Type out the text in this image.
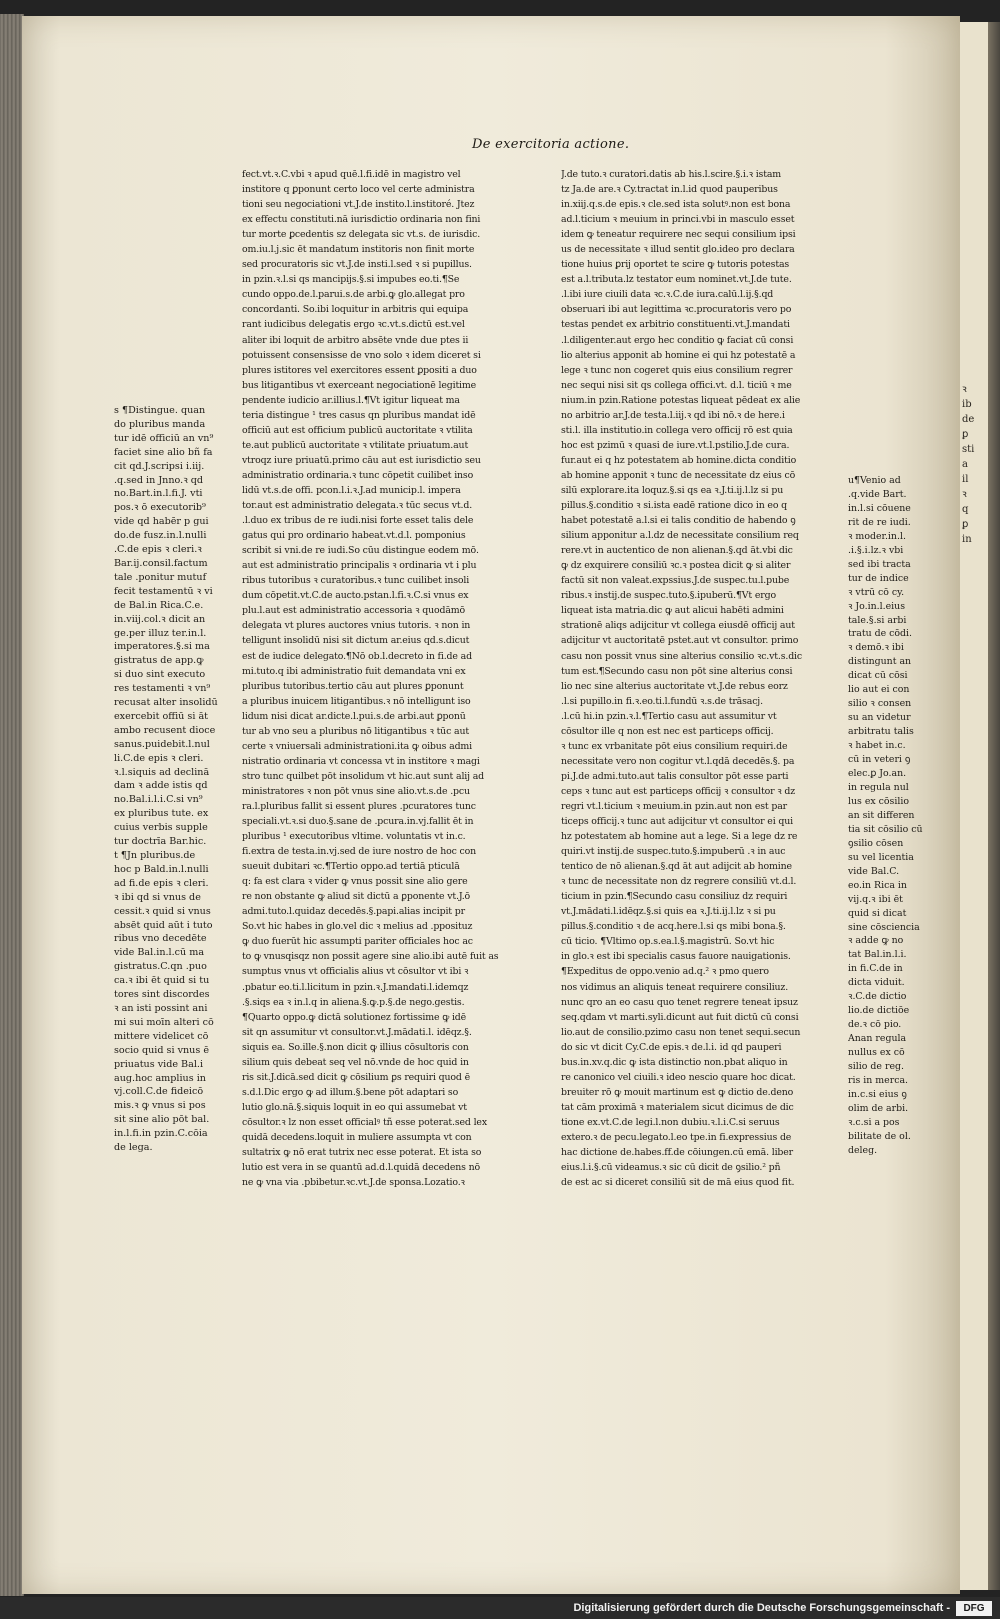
ꝛ
ib
de
ꝑ
sti
a
il
ꝛ
q
ꝑ
in
De exercitoria actione.

s ¶Distingue. quan

do pluribus manda

tur idē officiū an vn⁹

faciet sine alio bñ fa

cit qd.J.scripsi i.iij.

.q.sed in Jnno.ꝛ qd

no.Bart.in.l.fi.J. vti

pos.ꝛ ō executorib⁹

vide qd habēr p gui

do.de fusz.in.l.nulli

.C.de epis ꝛ cleri.ꝛ

Bar.ij.consil.factum

tale .ponitur mutuf

fecit testamentū ꝛ vi

de Bal.in Rica.C.e.

in.viij.col.ꝛ dicit an

ge.per illuz ter.in.l.

imperatores.§.si ma

gistratus de app.ꝙ

si duo sint executo

res testamenti ꝛ vn⁹

recusat alter insolidū

exercebit offiū si āt

ambo recusent dioce

sanus.puidebit.l.nul

li.C.de epis ꝛ cleri.

ꝛ.l.siquis ad declinā

dam ꝛ adde istis qd

no.Bal.i.l.i.C.si vn⁹

ex pluribus tute. ex

cuius verbis supple

tur doctrīa Bar.hic.

t ¶Jn pluribus.de

hoc p Bald.in.l.nulli

ad fi.de epis ꝛ cleri.

ꝛ ibi qd si vnus de

cessit.ꝛ quid si vnus

absēt quid aūt i tuto

ribus vno decedēte

vide Bal.in.l.cū ma

gistratus.C.qn .puo

ca.ꝛ ibi ēt quid si tu

tores sint discordes

ꝛ an isti possint ani

mi sui moīn alteri cō

mittere videlicet cō

socio quid si vnus ē

priuatus vide Bal.i

aug.hoc amplius in

vj.coll.C.de fideicō

mis.ꝛ ꝙ vnus si pos

sit sine alio pōt bal.

in.l.fi.in pzin.C.cōia

de lega.

fect.vt.ꝛ.C.vbi ꝛ apud quē.l.fi.idē in magistro vel

institore q ꝑponunt certo loco vel certe administra

tioni seu negociationi vt.J.de instito.l.institoré. Jtez

ex effectu constituti.nā iurisdictio ordinaria non fini

tur morte ꝑcedentis sz delegata sic vt.s. de iurisdic.

om.iu.l.j.sic ēt mandatum institoris non finit morte

sed procuratoris sic vt.J.de insti.l.sed ꝛ si pupillus.

in pzin.ꝛ.l.si qs mancipijs.§.si impubes eo.ti.¶Se

cundo oppo.de.l.parui.s.de arbi.ꝙ glo.allegat pro

concordanti. So.ibi loquitur in arbitris qui equipa

rant iudicibus delegatis ergo ꝛc.vt.s.dictū est.vel

aliter ibi loquit de arbitro absēte vnde due ptes ii

potuissent consensisse de vno solo ꝛ idem diceret si

plures istitores vel exercitores essent ꝑpositi a duo

bus litigantibus vt exerceant negociationē legitime

pendente iudicio ar.illius.l.¶Vt igitur liqueat ma

teria distingue ¹ tres casus qn pluribus mandat idē

officiū aut est officium publicū auctoritate ꝛ vtilita

te.aut publicū auctoritate ꝛ vtilitate priuatum.aut

vtroqz iure priuatū.primo cāu aut est iurisdictio seu

administratio ordinaria.ꝛ tunc cōpetit cuilibet inso

lidū vt.s.de offi. pcon.l.i.ꝛ.J.ad municip.l. impera

tor.aut est administratio delegata.ꝛ tūc secus vt.d.

.l.duo ex tribus de re iudi.nisi forte esset talis dele

gatus qui pro ordinario habeat.vt.d.l. pomponius

scribit si vni.de re iudi.So cūu distingue eodem mō.

aut est administratio principalis ꝛ ordinaria vt i plu

ribus tutoribus ꝛ curatoribus.ꝛ tunc cuilibet insoli

dum cōpetit.vt.C.de aucto.pstan.l.fi.ꝛ.C.si vnus ex

plu.l.aut est administratio accessoria ꝛ quodāmō

delegata vt plures auctores vnius tutoris. ꝛ non in

telligunt insolidū nisi sit dictum ar.eius qd.s.dicut

est de iudice delegato.¶Nō ob.l.decreto in fi.de ad

mi.tuto.q ibi administratio fuit demandata vni ex

pluribus tutoribus.tertio cāu aut plures ꝑponunt

a pluribus inuicem litigantibus.ꝛ nō intelligunt iso

lidum nisi dicat ar.dicte.l.pui.s.de arbi.aut ꝑponū

tur ab vno seu a pluribus nō litigantibus ꝛ tūc aut

certe ꝛ vniuersali administrationi.ita ꝙ oibus admi

nistratio ordinaria vt concessa vt in institore ꝛ magi

stro tunc quilbet pōt insolidum vt hic.aut sunt alij ad

ministratores ꝛ non pōt vnus sine alio.vt.s.de .pcu

ra.l.pluribus fallit si essent plures .pcuratores tunc

speciali.vt.ꝛ.si duo.§.sane de .pcura.in.vj.fallit ēt in

pluribus ¹ executoribus vltime. voluntatis vt in.c.

fi.extra de testa.in.vj.sed de iure nostro de hoc con

sueuit dubitari ꝛc.¶Tertio oppo.ad tertiā pticulā

q: fa est clara ꝛ vider ꝙ vnus possit sine alio gere

re non obstante ꝙ aliud sit dictū a ꝑponente vt.J.ō

admi.tuto.l.quidaz decedēs.§.papi.alias incipit pr

So.vt hic habes in glo.vel dic ꝛ melius ad .pposituz

ꝙ duo fuerūt hic assumpti pariter officiales hoc ac

to ꝙ vnusqisqz non possit agere sine alio.ibi autē fuit as

sumptus vnus vt officialis alius vt cōsultor vt ibi ꝛ

.pbatur eo.ti.l.licitum in pzin.ꝛ.J.mandati.l.idemqz

.§.siqs ea ꝛ in.l.q in aliena.§.ꝙ.p.§.de nego.gestis.

¶Quarto oppo.ꝙ dictā solutionez fortissime ꝙ idē

sit qn assumitur vt consultor.vt.J.mādati.l. idēqz.§.

siquis ea. So.ille.§.non dicit ꝙ illius cōsultoris con

silium quis debeat seq vel nō.vnde de hoc quid in

ris sit.J.dicā.sed dicit ꝙ cōsilium ꝑs requiri quod ē

s.d.l.Dic ergo ꝙ ad illum.§.bene pōt adaptari so

lutio glo.nā.§.siquis loquit in eo qui assumebat vt

cōsultor.ꝛ lz non esset officialꝰ tñ esse poterat.sed lex

quidā decedens.loquit in muliere assumpta vt con

sultatrix ꝙ nō erat tutrix nec esse poterat. Et ista so

lutio est vera in se quantū ad.d.l.quidā decedens nō

ne ꝙ vna via .pbibetur.ꝛc.vt.J.de sponsa.Lozatio.ꝛ

J.de tuto.ꝛ curatori.datis ab his.l.scire.§.i.ꝛ istam

tz Ja.de are.ꝛ Cy.tractat in.l.id quod pauperibus

in.xiij.q.s.de epis.ꝛ cle.sed ista solutꝰ.non est bona

ad.l.ticium ꝛ meuium in princi.vbi in masculo esset

idem ꝙ teneatur requirere nec sequi consilium ipsi

us de necessitate ꝛ illud sentit glo.ideo pro declara

tione huius ꝑrij oportet te scire ꝙ tutoris potestas

est a.l.tributa.lz testator eum nominet.vt.J.de tute.

.l.ibi iure ciuili data ꝛc.ꝛ.C.de iura.calū.l.ij.§.qd

obseruari ibi aut legittima ꝛc.procuratoris vero po

testas pendet ex arbitrio constituenti.vt.J.mandati

.l.diligenter.aut ergo hec conditio ꝙ faciat cū consi

lio alterius apponit ab homine ei qui hz potestatē a

lege ꝛ tunc non cogeret quis eius consilium regrer

nec sequi nisi sit qs collega offici.vt. d.l. ticiū ꝛ me

nium.in pzin.Ratione potestas liqueat pēdeat ex alie

no arbitrio ar.J.de testa.l.iij.ꝛ qd ibi nō.ꝛ de here.i

sti.l. illa institutio.in collega vero officij rō est quia

hoc est pzimū ꝛ quasi de iure.vt.l.pstilio.J.de cura.

fur.aut ei q hz potestatem ab homine.dicta conditio

ab homine apponit ꝛ tunc de necessitate dz eius cō

silū explorare.ita loquz.§.si qs ea ꝛ.J.ti.ij.l.lz si pu

pillus.§.conditio ꝛ si.ista eadē ratione dico in eo q

habet potestatē a.l.si ei talis conditio de habendo ꝯ

silium apponitur a.l.dz de necessitate consilium req

rere.vt in auctentico de non alienan.§.qd āt.vbi dic

ꝙ dz exquirere consiliū ꝛc.ꝛ postea dicit ꝙ si aliter

factū sit non valeat.expssius.J.de suspec.tu.l.pube

ribus.ꝛ instij.de suspec.tuto.§.ipuberū.¶Vt ergo

liqueat ista matria.dic ꝙ aut alicui habēti admini

strationē aliqs adijcitur vt collega eiusdē officij aut

adijcitur vt auctoritatē pstet.aut vt consultor. primo

casu non possit vnus sine alterius consilio ꝛc.vt.s.dic

tum est.¶Secundo casu non pōt sine alterius consi

lio nec sine alterius auctoritate vt.J.de rebus eorz

.l.si pupillo.in fi.ꝛ.eo.ti.l.fundū ꝛ.s.de trāsacj.

.l.cū hi.in pzin.ꝛ.l.¶Tertio casu aut assumitur vt

cōsultor ille q non est nec est particeps officij.

ꝛ tunc ex vrbanitate pōt eius consilium requiri.de

necessitate vero non cogitur vt.l.qdā decedēs.§. pa

pi.J.de admi.tuto.aut talis consultor pōt esse parti

ceps ꝛ tunc aut est particeps officij ꝛ consultor ꝛ dz

regri vt.l.ticium ꝛ meuium.in pzin.aut non est par

ticeps officij.ꝛ tunc aut adijcitur vt consultor ei qui

hz potestatem ab homine aut a lege. Si a lege dz re

quiri.vt instij.de suspec.tuto.§.impuberū .ꝛ in auc

tentico de nō alienan.§.qd āt aut adijcit ab homine

ꝛ tunc de necessitate non dz regrere consiliū vt.d.l.

ticium in pzin.¶Secundo casu consiliuz dz requiri

vt.J.mādati.l.idēqz.§.si quis ea ꝛ.J.ti.ij.l.lz ꝛ si pu

pillus.§.conditio ꝛ de acq.here.l.si qs mibi bona.§.

cū ticio. ¶Vltimo op.s.ea.l.§.magistrū. So.vt hic

in glo.ꝛ est ibi specialis casus fauore nauigationis.

¶Expeditus de oppo.venio ad.q.² ꝛ pmo quero

nos vidimus an aliquis teneat requirere consiliuz.

nunc qro an eo casu quo tenet regrere teneat ipsuz

seq.qdam vt marti.syli.dicunt aut fuit dictū cū consi

lio.aut de consilio.pzimo casu non tenet sequi.secun

do sic vt dicit Cy.C.de epis.ꝛ de.l.i. id qd pauperi

bus.in.xv.q.dic ꝙ ista distinctio non.pbat aliquo in

re canonico vel ciuili.ꝛ ideo nescio quare hoc dicat.

breuiter rō ꝙ mouit martinum est ꝙ dictio de.deno

tat cām proximā ꝛ materialem sicut dicimus de dic

tione ex.vt.C.de legi.l.non dubiu.ꝛ.l.i.C.si seruus

extero.ꝛ de pecu.legato.l.eo tpe.in fi.expressius de

hac dictione de.habes.ff.de cōiungen.cū emā. liber

eius.l.i.§.cū videamus.ꝛ sic cū dicit de ꝯsilio.² pñ

de est ac si diceret consiliū sit de mā eius quod fit.

u¶Venio ad

.q.vide Bart.

in.l.si cōuene

rit de re iudi.

ꝛ moder.in.l.

.i.§.i.lz.ꝛ vbi

sed ibi tracta

tur de indice

ꝛ vtrū cō cy.

ꝛ Jo.in.l.eius

tale.§.si arbi

tratu de cōdi.

ꝛ demō.ꝛ ibi

distingunt an

dicat cū cōsi

lio aut ei con

silio ꝛ consen

su an videtur

arbitratu talis

ꝛ habet in.c.

cū in veteri ꝯ

elec.ꝑ Jo.an.

in regula nul

lus ex cōsilio

an sit differen

tia sit cōsilio cū

ꝯsilio cōsen

su vel licentia

vide Bal.C.

eo.in Rica in

vij.q.ꝛ ibi ēt

quid si dicat

sine cōsciencia

ꝛ adde ꝙ no

tat Bal.in.l.i.

in fi.C.de in

dicta viduit.

ꝛ.C.de dictio

lio.de dictiōe

de.ꝛ cō pio.

Anan regula

nullus ex cō

silio de reg.

ris in merca.

in.c.si eius ꝯ

olim de arbi.

ꝛ.c.si a pos

bilitate de ol.

deleg.

Digitalisierung gefördert durch die Deutsche Forschungsgemeinschaft -	DFG
